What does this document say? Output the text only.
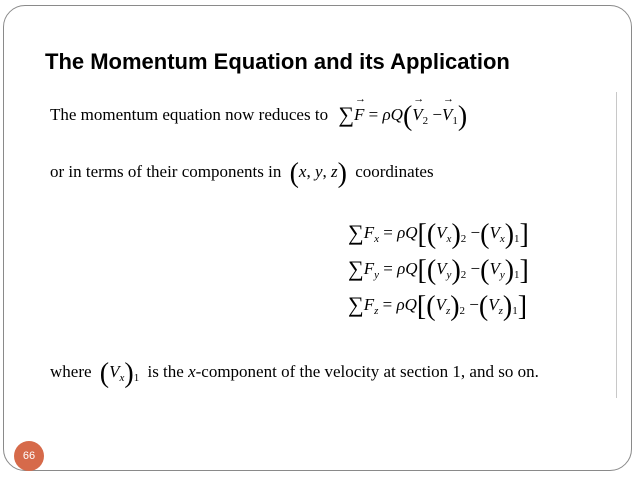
The Momentum Equation and its Application
The momentum equation now reduces to ∑→ $F = \rho Q(\to V_2 -\to V_1)$
or in terms of their components in (x, y, z) coordinates
$\sum F_x = \rho Q[(V_x)_2 -(V_x)_1]$
$\sum F_y = \rho Q[(V_y)_2 -(V_y)_1]$
$\sum F_z = \rho Q[(V_z)_2 -(V_z)_1]$
where $(V_x)_1$ is the x-component of the velocity at section 1, and so on.
66
